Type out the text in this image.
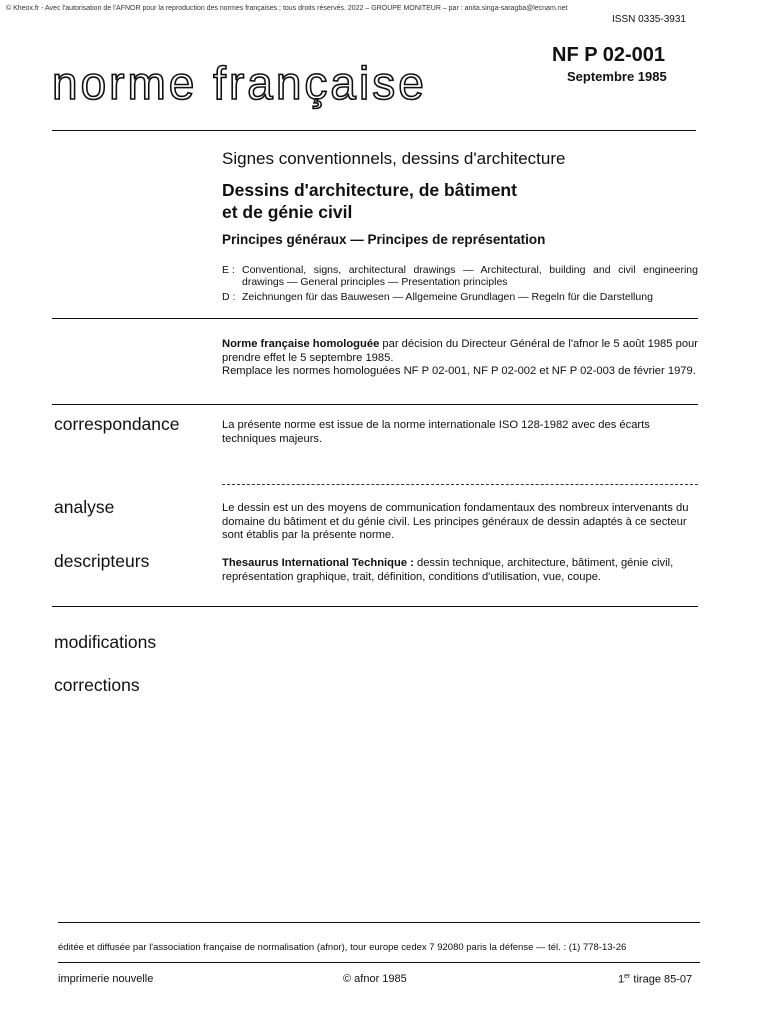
© Kheox.fr - Avec l'autorisation de l'AFNOR pour la reproduction des normes françaises ; tous droits réservés. 2022 – GROUPE MONITEUR – par : anita.singa-saragba@lecnam.net
ISSN 0335-3931
norme française
NF P 02-001
Septembre 1985
Signes conventionnels, dessins d'architecture
Dessins d'architecture, de bâtiment
et de génie civil
Principes généraux — Principes de représentation
E : Conventional, signs, architectural drawings — Architectural, building and civil engineering drawings — General principles — Presentation principles
D : Zeichnungen für das Bauwesen — Allgemeine Grundlagen — Regeln für die Darstellung
Norme française homologuée par décision du Directeur Général de l'afnor le 5 août 1985 pour prendre effet le 5 septembre 1985.
Remplace les normes homologuées NF P 02-001, NF P 02-002 et NF P 02-003 de février 1979.
correspondance	La présente norme est issue de la norme internationale ISO 128-1982 avec des écarts techniques majeurs.
analyse	Le dessin est un des moyens de communication fondamentaux des nombreux intervenants du domaine du bâtiment et du génie civil. Les principes généraux de dessin adaptés à ce secteur sont établis par la présente norme.
descripteurs	Thesaurus International Technique : dessin technique, architecture, bâtiment, génie civil, représentation graphique, trait, définition, conditions d'utilisation, vue, coupe.
modifications
corrections
éditée et diffusée par l'association française de normalisation (afnor), tour europe cedex 7 92080 paris la défense — tél. : (1) 778-13-26
imprimerie nouvelle	© afnor 1985	1er tirage 85-07
